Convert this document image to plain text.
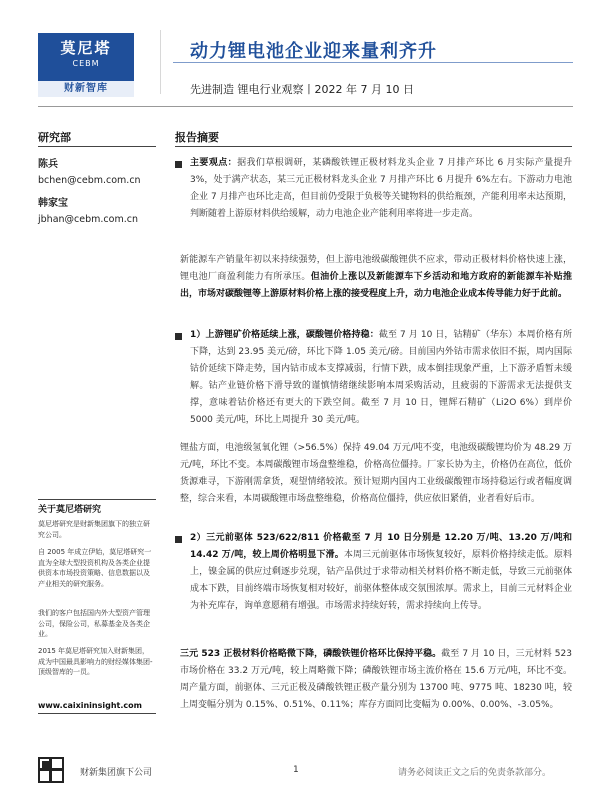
莫尼塔
CEBM
财新智库
动力锂电池企业迎来量利齐升
先进制造 锂电行业观察丨2022 年 7 月 10 日
研究部	报告摘要
陈兵
bchen@cebm.com.cn
韩家宝
jbhan@cebm.com.cn
关于莫尼塔研究
莫尼塔研究是财新集团旗下的独立研究公司。
自 2005 年成立伊始，莫尼塔研究一直为全球大型投资机构及各类企业提供资本市场投资策略、信息数据以及产业相关的研究服务。
我们的客户包括国内外大型资产管理公司，保险公司，私募基金及各类企业。
2015 年莫尼塔研究加入财新集团，成为中国最具影响力的财经媒体集团-顶级智库的一员。
www.caixininsight.com
主要观点：据我们草根调研，某磷酸铁锂正极材料龙头企业 7 月排产环比 6 月实际产量提升 3%，处于满产状态，某三元正极材料龙头企业 7 月排产环比 6 月提升 6%左右。下游动力电池企业 7 月排产也环比走高，但目前仍受限于负极等关键物料的供给瓶颈，产能利用率未达预期，判断随着上游原材料供给缓解，动力电池企业产能利用率将进一步走高。
新能源车产销量年初以来持续强势，但上游电池级碳酸锂供不应求，带动正极材料价格快速上涨，锂电池厂商盈利能力有所承压。但油价上涨以及新能源车下乡活动和地方政府的新能源车补贴推出，市场对碳酸锂等上游原材料价格上涨的接受程度上升，动力电池企业成本传导能力好于此前。
1）上游锂矿价格延续上涨，碳酸锂价格持稳：截至 7 月 10 日，钴精矿（华东）本周价格有所下降，达到 23.95 美元/磅，环比下降 1.05 美元/磅。目前国内外钴市需求依旧不振，周内国际钴价延续下降走势，国内钴市成本支撑减弱，行情下跌，成本倒挂现象严重，上下游矛盾暂未缓解。钴产业链价格下滑导致的谨慎情绪继续影响本周采购活动，且疲弱的下游需求无法提供支撑，意味着钴价格还有更大的下跌空间。截至 7 月 10 日，锂辉石精矿（Li2O 6%）到岸价 5000 美元/吨，环比上周提升 30 美元/吨。
锂盐方面，电池级氢氧化锂（>56.5%）保持 49.04 万元/吨不变，电池级碳酸锂均价为 48.29 万元/吨，环比不变。本周碳酸锂市场盘整维稳，价格高位僵持。厂家长协为主，价格仍在高位，低价货源难寻，下游刚需拿货，观望情绪较浓。预计短期内国内工业级碳酸锂市场持稳运行或者幅度调整，综合来看，本周碳酸锂市场盘整维稳，价格高位僵持，供应依旧紧俏，业者看好后市。
2）三元前驱体 523/622/811 价格截至 7 月 10 日分别是 12.20 万/吨、13.20 万/吨和 14.42 万/吨，较上周价格明显下滑。本周三元前驱体市场恢复较好，原料价格持续走低。原料上，镍金属的供应过剩逐步兑现，钴产品供过于求带动相关材料价格不断走低，导致三元前驱体成本下跌，目前终端市场恢复相对较好，前驱体整体成交氛围浓厚。需求上，目前三元材料企业为补充库存，询单意愿稍有增强。市场需求持续好转，需求持续向上传导。
三元 523 正极材料价格略微下降，磷酸铁锂价格环比保持平稳。截至 7 月 10 日，三元材料 523 市场价格在 33.2 万元/吨，较上周略微下降；磷酸铁锂市场主流价格在 15.6 万元/吨，环比不变。周产量方面，前驱体、三元正极及磷酸铁锂正极产量分别为 13700 吨、9775 吨、18230 吨，较上周变幅分别为 0.15%、0.51%、0.11%；库存方面同比变幅为 0.00%、0.00%、-3.05%。
财新集团旗下公司	1	请务必阅读正文之后的免责条款部分。
